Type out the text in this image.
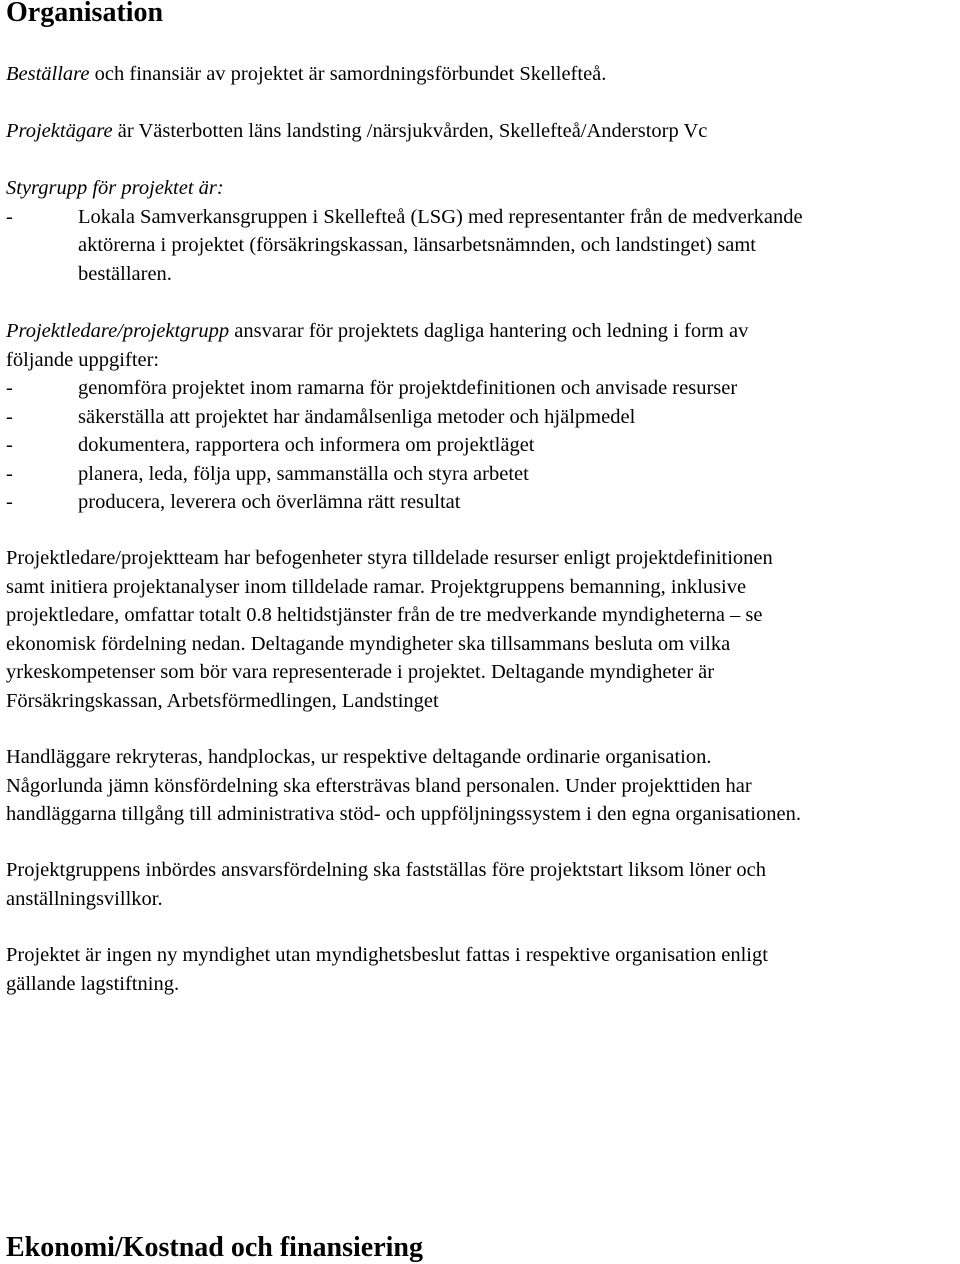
Organisation

Beställare och finansiär av projektet är samordningsförbundet Skellefteå.

Projektägare är Västerbotten läns landsting /närsjukvården, Skellefteå/Anderstorp Vc

Styrgrupp för projektet är:
-	Lokala Samverkansgruppen i Skellefteå (LSG) med representanter från de medverkande
aktörerna i projektet (försäkringskassan, länsarbetsnämnden, och landstinget) samt
beställaren.
Projektledare/projektgrupp ansvarar för projektets dagliga hantering och ledning i form av
följande uppgifter:
-	genomföra projektet inom ramarna för projektdefinitionen och anvisade resurser
-	säkerställa att projektet har ändamålsenliga metoder och hjälpmedel
-	dokumentera, rapportera och informera om projektläget
-	planera, leda, följa upp, sammanställa och styra arbetet
-	producera, leverera och överlämna rätt resultat
Projektledare/projektteam har befogenheter styra tilldelade resurser enligt projektdefinitionen
samt initiera projektanalyser inom tilldelade ramar. Projektgruppens bemanning, inklusive
projektledare, omfattar totalt 0.8 heltidstjänster från de tre medverkande myndigheterna – se
ekonomisk fördelning nedan. Deltagande myndigheter ska tillsammans besluta om vilka
yrkeskompetenser som bör vara representerade i projektet. Deltagande myndigheter är
Försäkringskassan, Arbetsförmedlingen, Landstinget
Handläggare rekryteras, handplockas, ur respektive deltagande ordinarie organisation.
Någorlunda jämn könsfördelning ska eftersträvas bland personalen. Under projekttiden har
handläggarna tillgång till administrativa stöd- och uppföljningssystem i den egna organisationen.
Projektgruppens inbördes ansvarsfördelning ska fastställas före projektstart liksom löner och
anställningsvillkor.
Projektet är ingen ny myndighet utan myndighetsbeslut fattas i respektive organisation enligt
gällande lagstiftning.
Ekonomi/Kostnad och finansiering
